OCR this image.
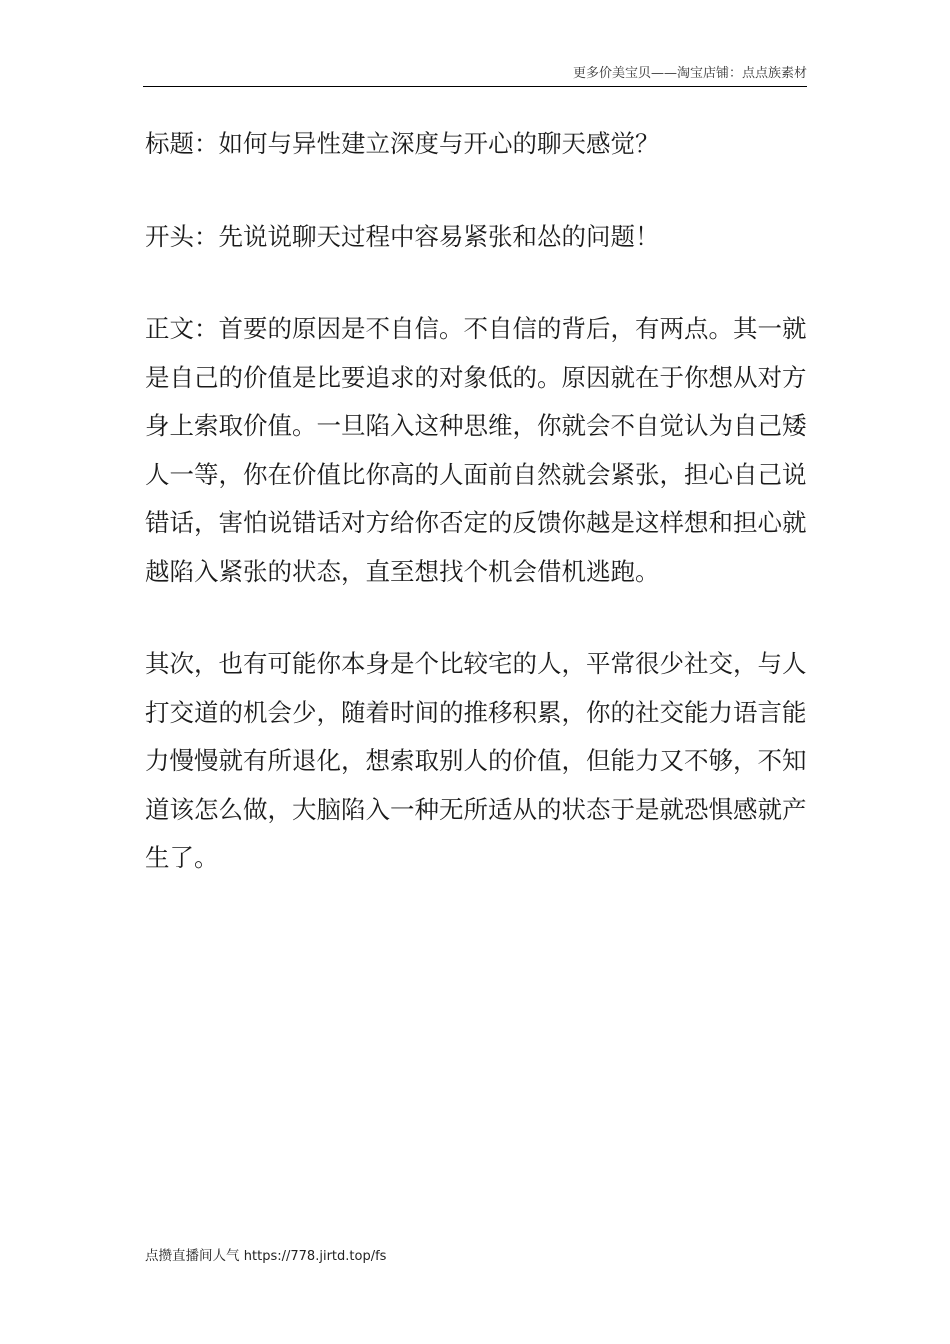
更多价美宝贝——淘宝店铺：点点族素材

标题：如何与异性建立深度与开心的聊天感觉？

开头：先说说聊天过程中容易紧张和怂的问题！

正文：首要的原因是不自信。不自信的背后，有两点。其一就是自己的价值是比要追求的对象低的。原因就在于你想从对方身上索取价值。一旦陷入这种思维，你就会不自觉认为自己矮人一等，你在价值比你高的人面前自然就会紧张，担心自己说错话，害怕说错话对方给你否定的反馈你越是这样想和担心就越陷入紧张的状态，直至想找个机会借机逃跑。

其次，也有可能你本身是个比较宅的人，平常很少社交，与人打交道的机会少，随着时间的推移积累，你的社交能力语言能力慢慢就有所退化，想索取别人的价值，但能力又不够，不知道该怎么做，大脑陷入一种无所适从的状态于是就恐惧感就产生了。

点攒直播间人气 https://778.jirtd.top/fs
